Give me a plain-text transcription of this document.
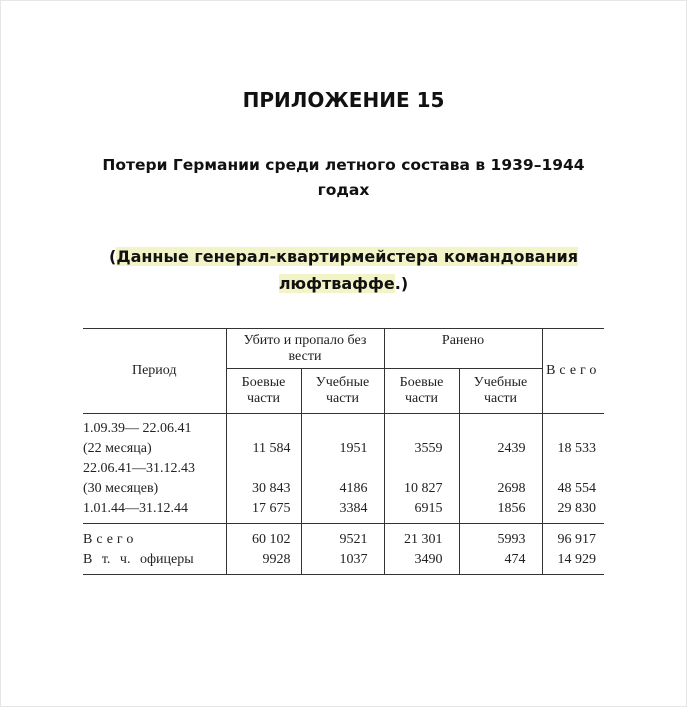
ПРИЛОЖЕНИЕ 15
Потери Германии среди летного состава в 1939–1944 годах
(Данные генерал-квартирмейстера командования люфтваффе.)
Период	Убито и пропало без вести		Ранено		Всего
	Боевые части	Учебные части	Боевые части	Учебные части	

1.09.39— 22.06.41					
(22 месяца)	11 584	1951	3559	2439	18 533
22.06.41—31.12.43					
(30 месяцев)	30 843	4186	10 827	2698	48 554
1.01.44—31.12.44	17 675	3384	6915	1856	29 830
Всего	60 102	9521	21 301	5993	96 917
В т. ч. офицеры	9928	1037	3490	474	14 929
